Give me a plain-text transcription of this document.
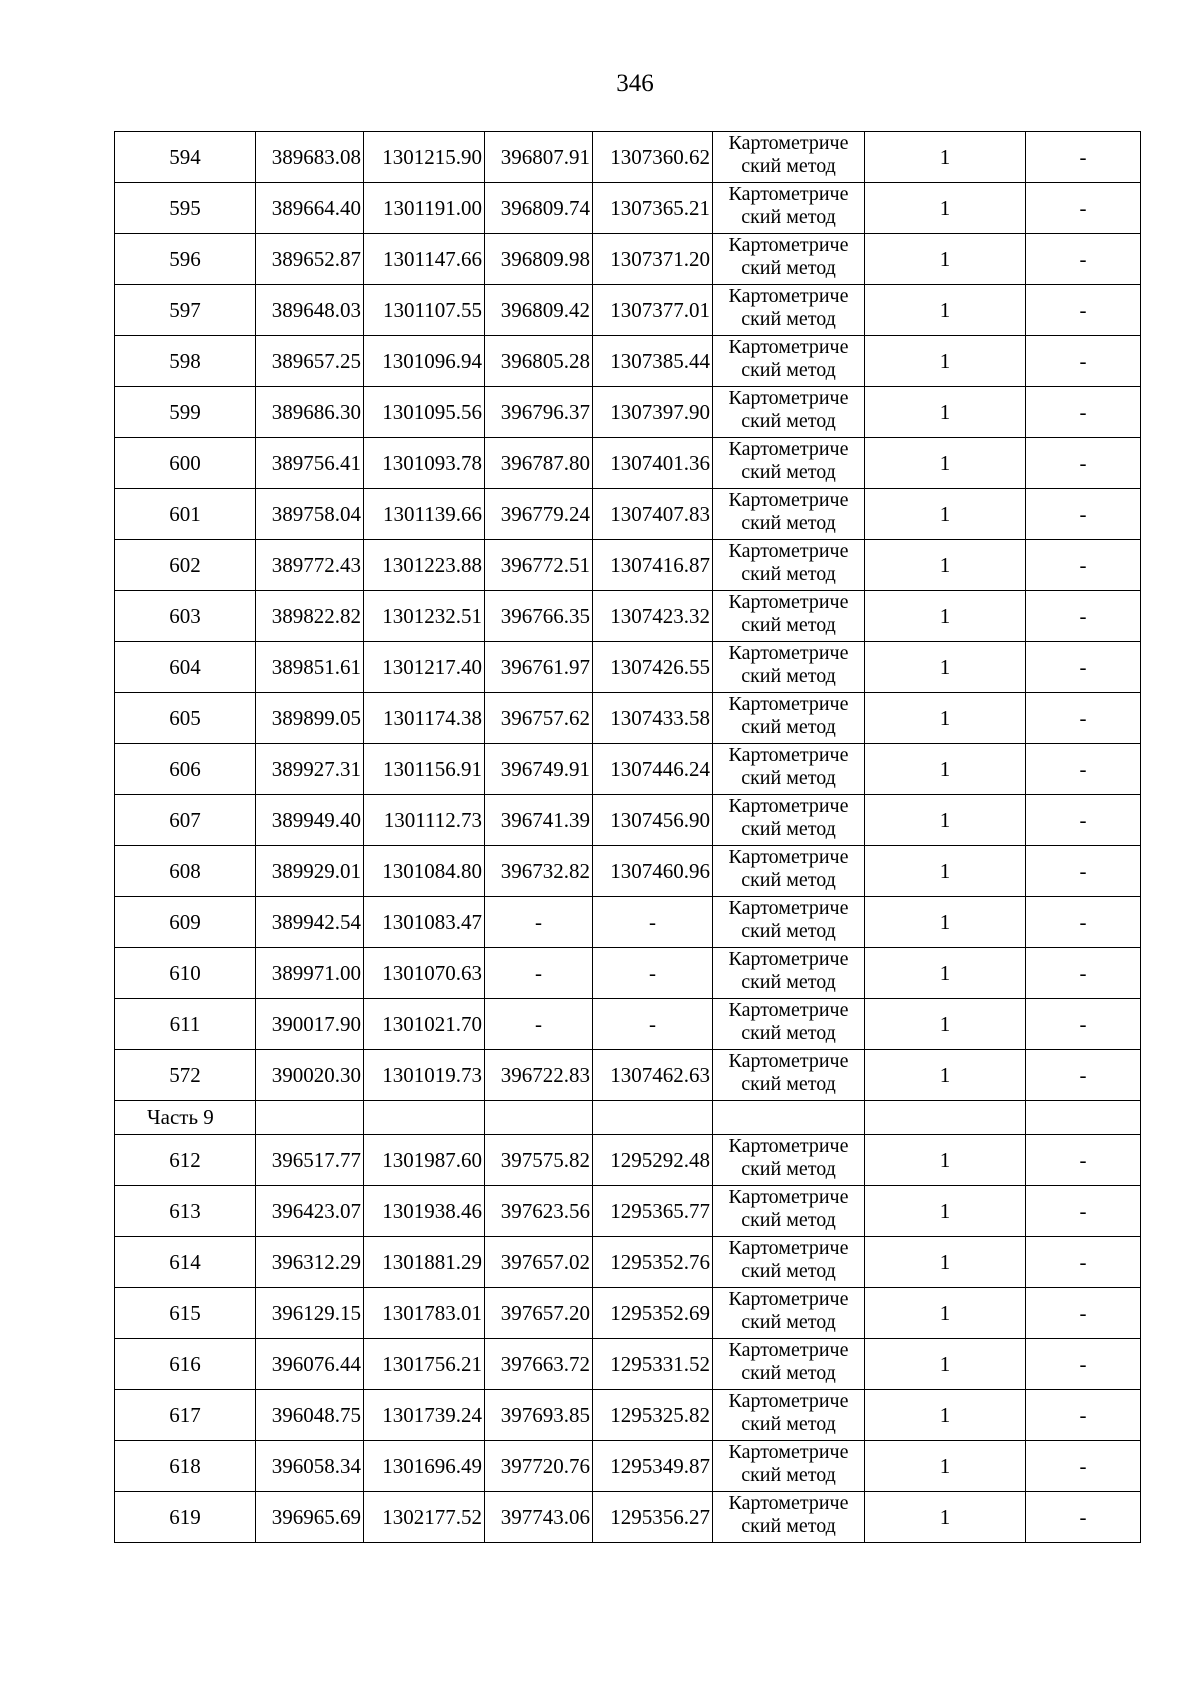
346
594	389683.08	1301215.90	396807.91	1307360.62	Картометриче
ский метод	1	-
595	389664.40	1301191.00	396809.74	1307365.21	Картометриче
ский метод	1	-
596	389652.87	1301147.66	396809.98	1307371.20	Картометриче
ский метод	1	-
597	389648.03	1301107.55	396809.42	1307377.01	Картометриче
ский метод	1	-
598	389657.25	1301096.94	396805.28	1307385.44	Картометриче
ский метод	1	-
599	389686.30	1301095.56	396796.37	1307397.90	Картометриче
ский метод	1	-
600	389756.41	1301093.78	396787.80	1307401.36	Картометриче
ский метод	1	-
601	389758.04	1301139.66	396779.24	1307407.83	Картометриче
ский метод	1	-
602	389772.43	1301223.88	396772.51	1307416.87	Картометриче
ский метод	1	-
603	389822.82	1301232.51	396766.35	1307423.32	Картометриче
ский метод	1	-
604	389851.61	1301217.40	396761.97	1307426.55	Картометриче
ский метод	1	-
605	389899.05	1301174.38	396757.62	1307433.58	Картометриче
ский метод	1	-
606	389927.31	1301156.91	396749.91	1307446.24	Картометриче
ский метод	1	-
607	389949.40	1301112.73	396741.39	1307456.90	Картометриче
ский метод	1	-
608	389929.01	1301084.80	396732.82	1307460.96	Картометриче
ский метод	1	-
609	389942.54	1301083.47	-	-	Картометриче
ский метод	1	-
610	389971.00	1301070.63	-	-	Картометриче
ский метод	1	-
611	390017.90	1301021.70	-	-	Картометриче
ский метод	1	-
572	390020.30	1301019.73	396722.83	1307462.63	Картометриче
ский метод	1	-
Часть 9							
612	396517.77	1301987.60	397575.82	1295292.48	Картометриче
ский метод	1	-
613	396423.07	1301938.46	397623.56	1295365.77	Картометриче
ский метод	1	-
614	396312.29	1301881.29	397657.02	1295352.76	Картометриче
ский метод	1	-
615	396129.15	1301783.01	397657.20	1295352.69	Картометриче
ский метод	1	-
616	396076.44	1301756.21	397663.72	1295331.52	Картометриче
ский метод	1	-
617	396048.75	1301739.24	397693.85	1295325.82	Картометриче
ский метод	1	-
618	396058.34	1301696.49	397720.76	1295349.87	Картометриче
ский метод	1	-
619	396965.69	1302177.52	397743.06	1295356.27	Картометриче
ский метод	1	-
